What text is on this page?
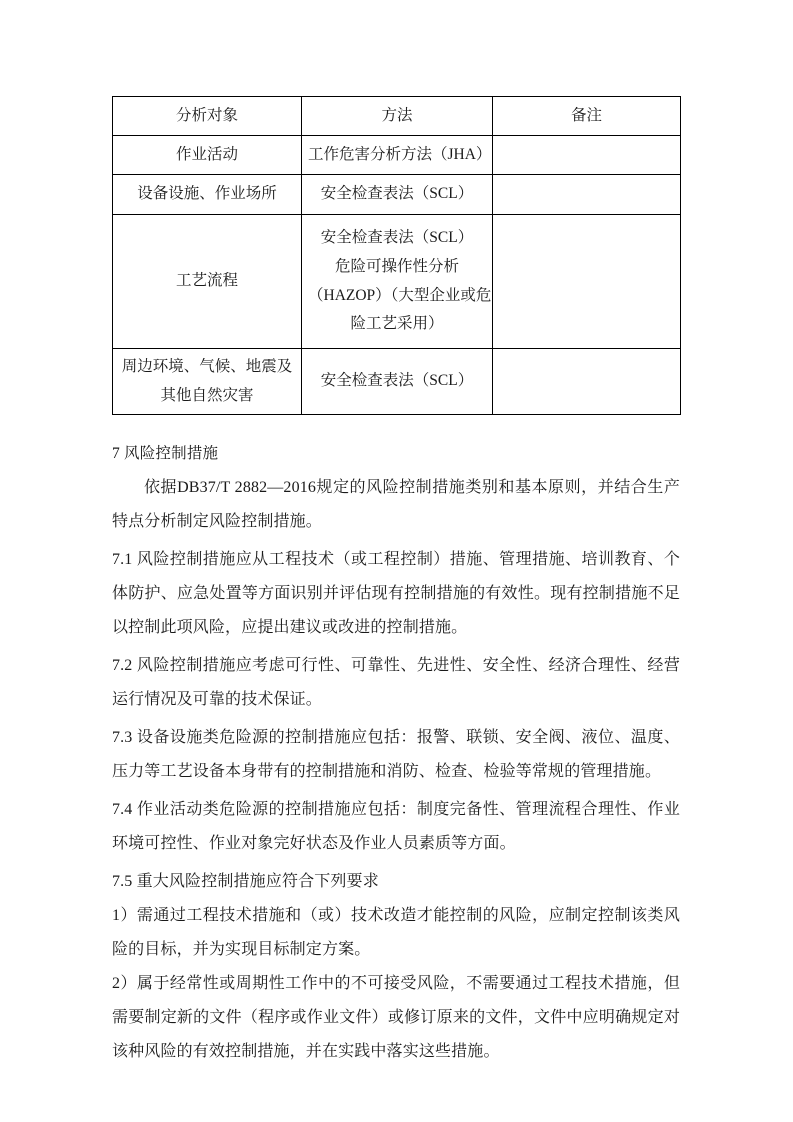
分析对象	方法	备注
作业活动	工作危害分析方法（JHA）	
设备设施、作业场所	安全检查表法（SCL）	
工艺流程	安全检查表法（SCL）
危险可操作性分析
（HAZOP）（大型企业或危
险工艺采用）	

周边环境、气候、地震及
其他自然灾害	安全检查表法（SCL）	
7 风险控制措施

依据DB37/T 2882—2016规定的风险控制措施类别和基本原则，并结合生产特点分析制定风险控制措施。

7.1 风险控制措施应从工程技术（或工程控制）措施、管理措施、培训教育、个体防护、应急处置等方面识别并评估现有控制措施的有效性。现有控制措施不足以控制此项风险，应提出建议或改进的控制措施。

7.2 风险控制措施应考虑可行性、可靠性、先进性、安全性、经济合理性、经营运行情况及可靠的技术保证。

7.3 设备设施类危险源的控制措施应包括：报警、联锁、安全阀、液位、温度、压力等工艺设备本身带有的控制措施和消防、检查、检验等常规的管理措施。

7.4 作业活动类危险源的控制措施应包括：制度完备性、管理流程合理性、作业环境可控性、作业对象完好状态及作业人员素质等方面。

7.5 重大风险控制措施应符合下列要求

1）需通过工程技术措施和（或）技术改造才能控制的风险，应制定控制该类风险的目标，并为实现目标制定方案。

2）属于经常性或周期性工作中的不可接受风险，不需要通过工程技术措施，但需要制定新的文件（程序或作业文件）或修订原来的文件，文件中应明确规定对该种风险的有效控制措施，并在实践中落实这些措施。
